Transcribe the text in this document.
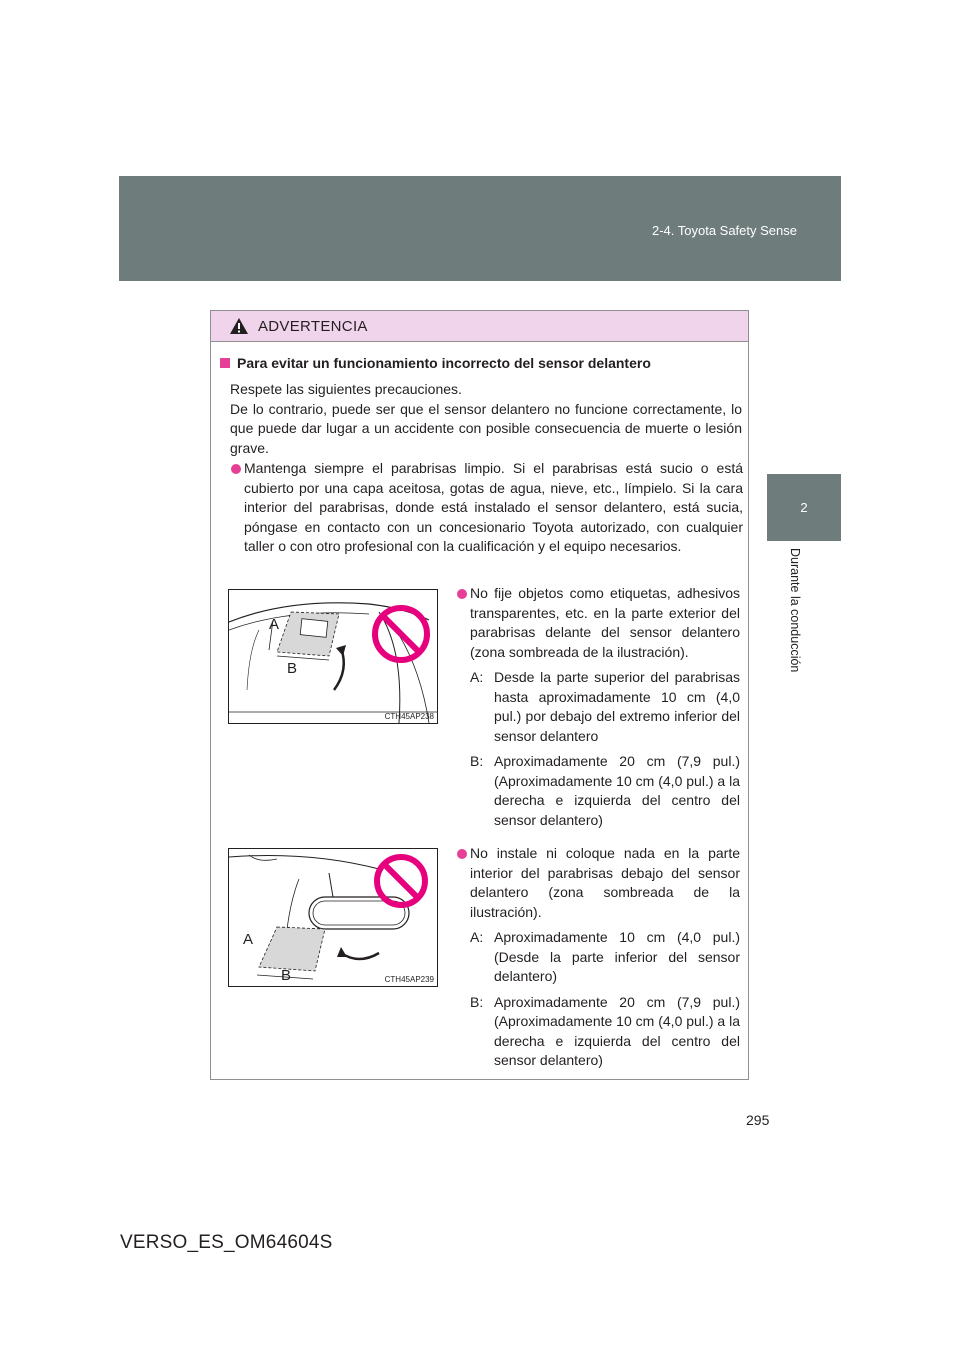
2-4. Toyota Safety Sense
2
Durante la conducción
ADVERTENCIA
Para evitar un funcionamiento incorrecto del sensor delantero
Respete las siguientes precauciones.
De lo contrario, puede ser que el sensor delantero no funcione correctamente, lo que puede dar lugar a un accidente con posible consecuencia de muerte o lesión grave.
Mantenga siempre el parabrisas limpio. Si el parabrisas está sucio o está cubierto por una capa aceitosa, gotas de agua, nieve, etc., límpielo. Si la cara interior del parabrisas, donde está instalado el sensor delantero, está sucia, póngase en contacto con un concesionario Toyota autorizado, con cualquier taller o con otro profesional con la cualificación y el equipo necesarios.
A
B
CTH45AP238
No fije objetos como etiquetas, adhesivos transparentes, etc. en la parte exterior del parabrisas delante del sensor delantero (zona sombreada de la ilustración).
A: Desde la parte superior del parabrisas hasta aproximadamente 10 cm (4,0 pul.) por debajo del extremo inferior del sensor delantero
B: Aproximadamente 20 cm (7,9 pul.) (Aproximadamente 10 cm (4,0 pul.) a la derecha e izquierda del centro del sensor delantero)
A
B	CTH45AP239
No instale ni coloque nada en la parte interior del parabrisas debajo del sensor delantero (zona sombreada de la ilustración).
A: Aproximadamente 10 cm (4,0 pul.) (Desde la parte inferior del sensor delantero)
B: Aproximadamente 20 cm (7,9 pul.) (Aproximadamente 10 cm (4,0 pul.) a la derecha e izquierda del centro del sensor delantero)
295
VERSO_ES_OM64604S
